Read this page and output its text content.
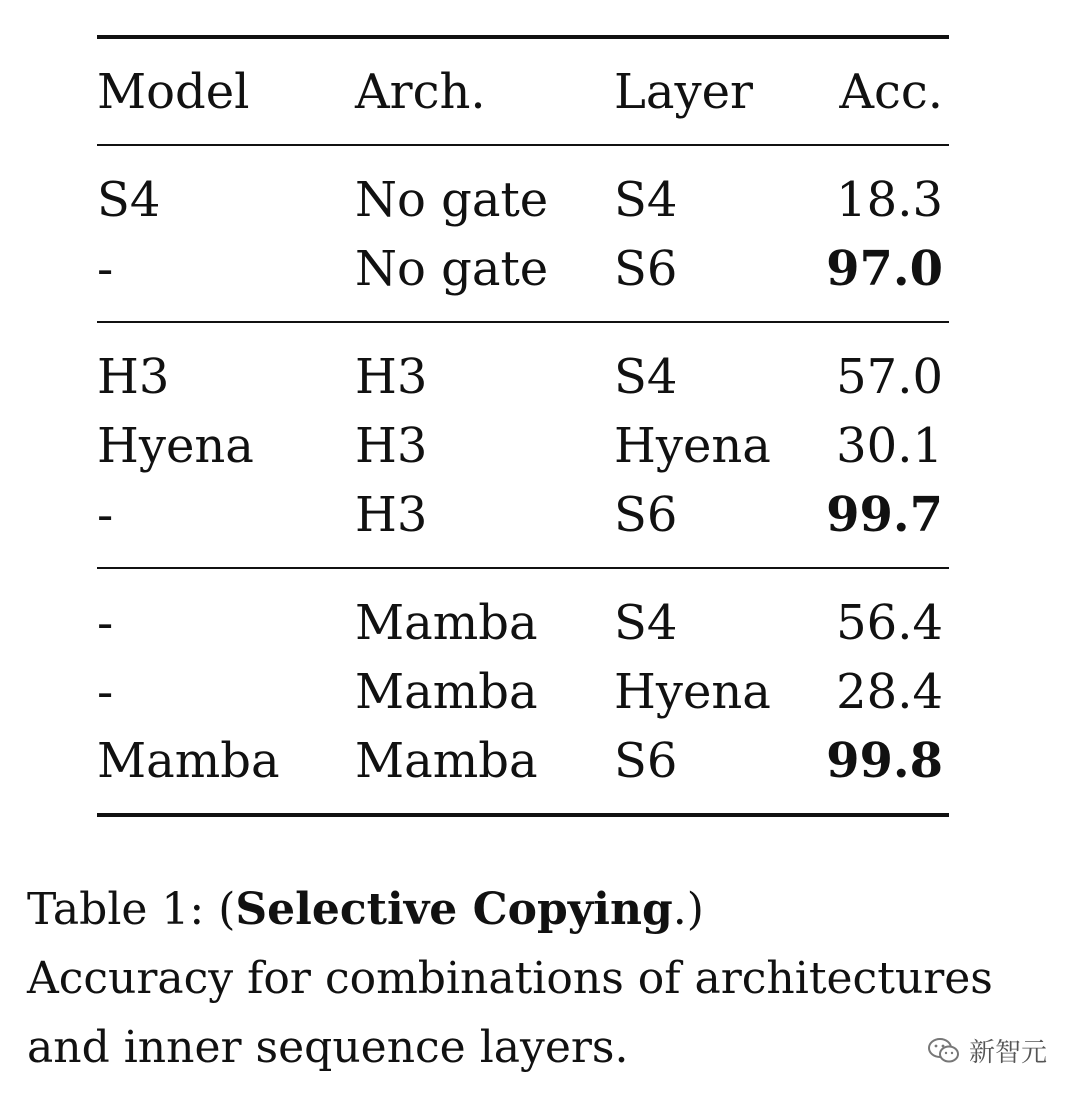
Model	Arch.	Layer	Acc.
S4	No gate	S4	18.3
-	No gate	S6	97.0
H3	H3	S4	57.0
Hyena	H3	Hyena	30.1
-	H3	S6	99.7
-	Mamba	S4	56.4
-	Mamba	Hyena	28.4
Mamba	Mamba	S6	99.8
Table 1: (Selective Copying.)
Accuracy for combinations of architectures
and inner sequence layers.	新智元
